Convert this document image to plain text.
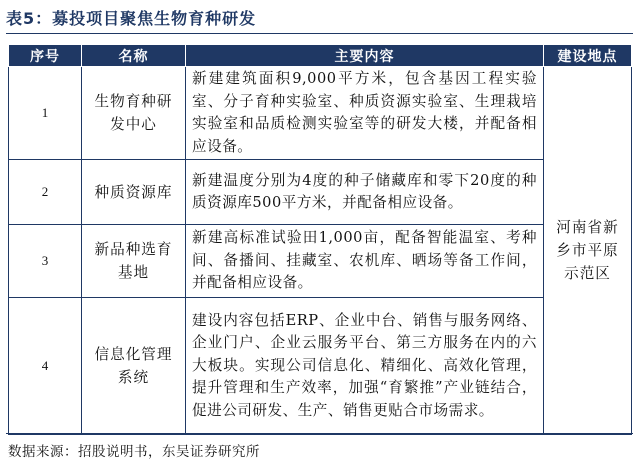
表5：募投项目聚焦生物育种研发
序号	名称	主要内容	建设地点
1	生物育种研发中心	新建建筑面积9,000平方米，包含基因工程实验室、分子育种实验室、种质资源实验室、生理栽培实验室和品质检测实验室等的研发大楼，并配备相应设备。	河南省新乡市平原示范区
2	种质资源库	新建温度分别为4度的种子储藏库和零下20度的种质资源库500平方米，并配备相应设备。	
3	新品种选育基地	新建高标准试验田1,000亩，配备智能温室、考种间、备播间、挂藏室、农机库、晒场等备工作间，并配备相应设备。	
4	信息化管理系统	建设内容包括ERP、企业中台、销售与服务网络、企业门户、企业云服务平台、第三方服务在内的六大板块。实现公司信息化、精细化、高效化管理，提升管理和生产效率，加强“育繁推”产业链结合，促进公司研发、生产、销售更贴合市场需求。	
数据来源：招股说明书，东吴证券研究所
